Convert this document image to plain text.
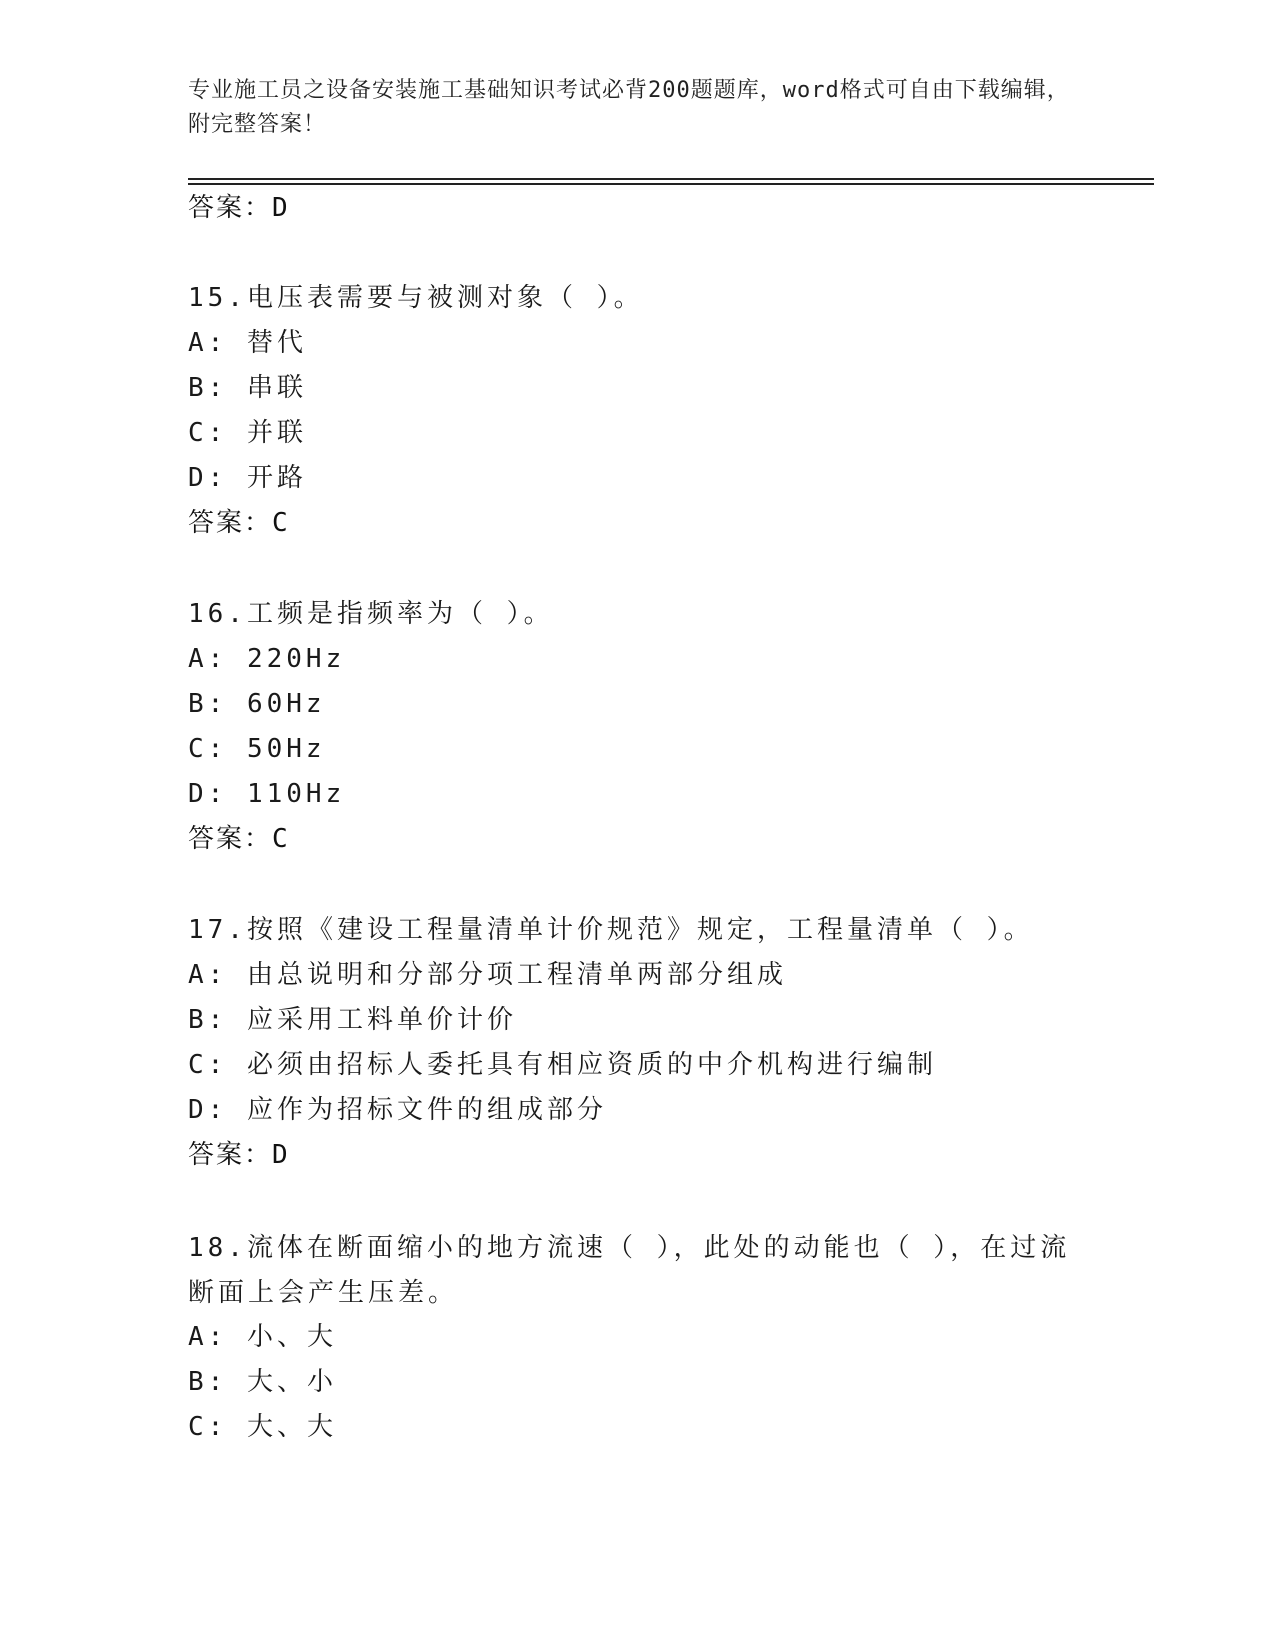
专业施工员之设备安装施工基础知识考试必背200题题库，word格式可自由下载编辑，附完整答案！
答案：D
15.电压表需要与被测对象（ ）。
A: 替代
B: 串联
C: 并联
D: 开路
答案：C
16.工频是指频率为（ ）。
A: 220Hz
B: 60Hz
C: 50Hz
D: 110Hz
答案：C
17.按照《建设工程量清单计价规范》规定，工程量清单（ ）。
A: 由总说明和分部分项工程清单两部分组成
B: 应采用工料单价计价
C: 必须由招标人委托具有相应资质的中介机构进行编制
D: 应作为招标文件的组成部分
答案：D
18.流体在断面缩小的地方流速（ ），此处的动能也（ ），在过流断面上会产生压差。
A: 小、大
B: 大、小
C: 大、大
